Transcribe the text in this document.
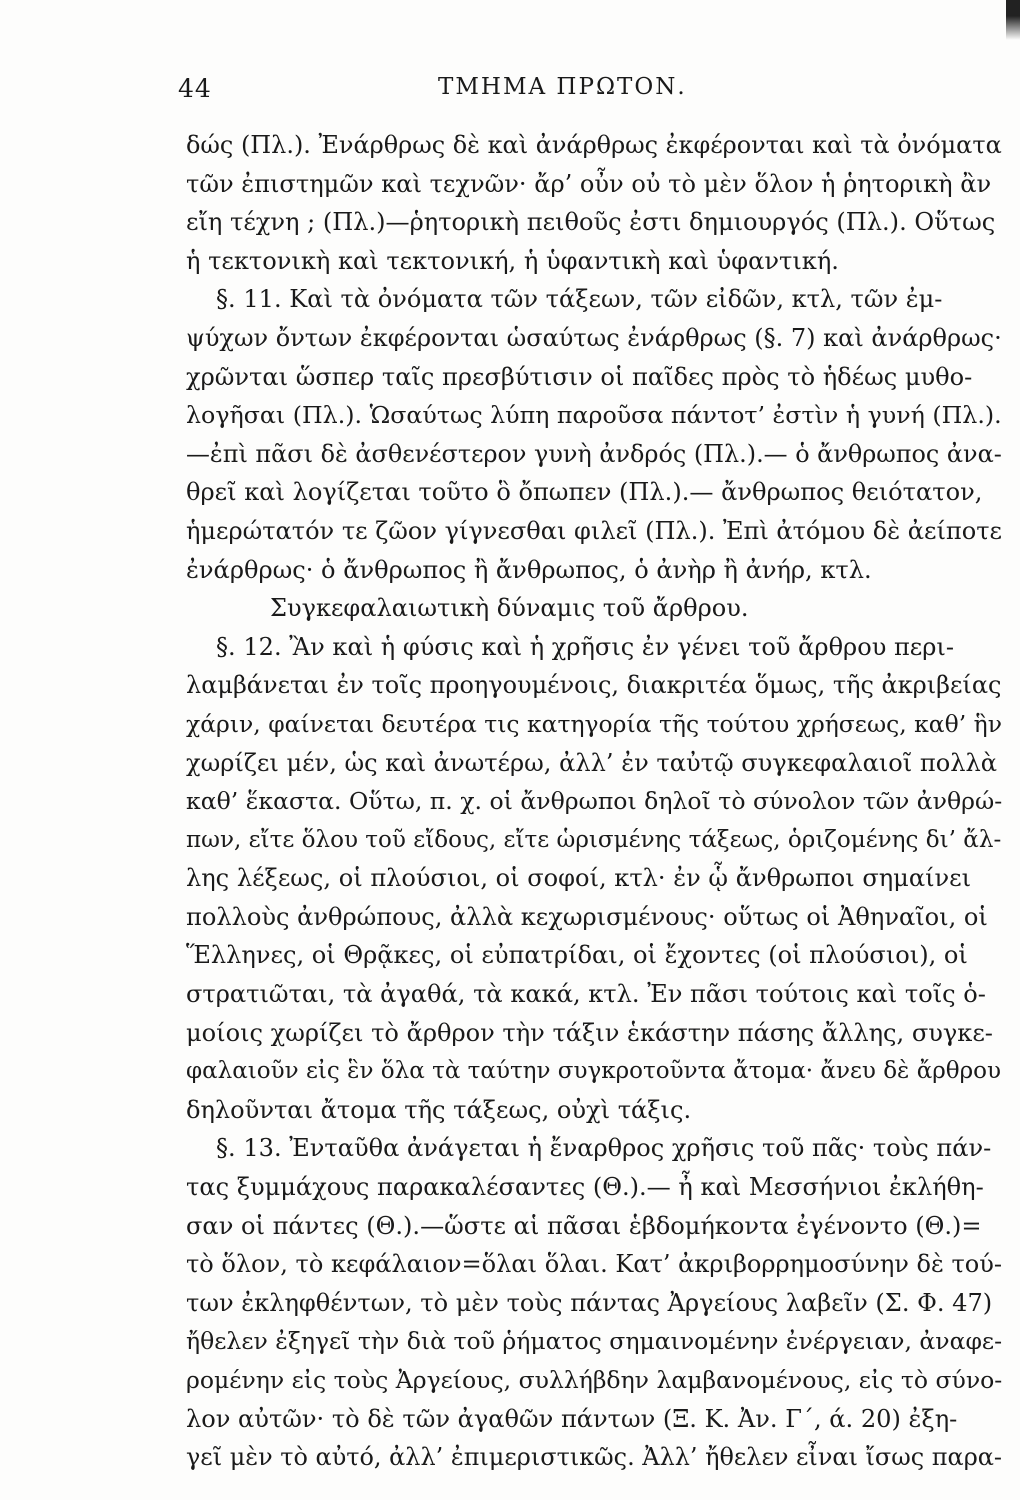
44	ΤΜΗΜΑ ΠΡΩΤΟΝ.
δώς (Πλ.). Ἐνάρθρως δὲ καὶ ἀνάρθρως ἐκφέρονται καὶ τὰ ὀνόματα
τῶν ἐπιστημῶν καὶ τεχνῶν· ἄρ’ οὖν οὐ τὸ μὲν ὅλον ἡ ῥητορικὴ ἂν
εἴη τέχνη ; (Πλ.)—ῥητορικὴ πειθοῦς ἐστι δημιουργός (Πλ.). Οὕτως
ἡ τεκτονικὴ καὶ τεκτονική, ἡ ὑφαντικὴ καὶ ὑφαντική.
§. 11. Καὶ τὰ ὀνόματα τῶν τάξεων, τῶν εἰδῶν, κτλ, τῶν ἐμ-
ψύχων ὄντων ἐκφέρονται ὡσαύτως ἐνάρθρως (§. 7) καὶ ἀνάρθρως·
χρῶνται ὥσπερ ταῖς πρεσβύτισιν οἱ παῖδες πρὸς τὸ ἡδέως μυθο-
λογῆσαι (Πλ.). Ὡσαύτως λύπη παροῦσα πάντοτ’ ἐστὶν ἡ γυνή (Πλ.).
—ἐπὶ πᾶσι δὲ ἀσθενέστερον γυνὴ ἀνδρός (Πλ.).— ὁ ἄνθρωπος ἀνα-
θρεῖ καὶ λογίζεται τοῦτο ὃ ὄπωπεν (Πλ.).— ἄνθρωπος θειότατον,
ἡμερώτατόν τε ζῶον γίγνεσθαι φιλεῖ (Πλ.). Ἐπὶ ἀτόμου δὲ ἀείποτε
ἐνάρθρως· ὁ ἄνθρωπος ἢ ἄνθρωπος, ὁ ἀνὴρ ἢ ἀνήρ, κτλ.
Συγκεφαλαιωτικὴ δύναμις τοῦ ἄρθρου.
§. 12. Ἂν καὶ ἡ φύσις καὶ ἡ χρῆσις ἐν γένει τοῦ ἄρθρου περι-
λαμβάνεται ἐν τοῖς προηγουμένοις, διακριτέα ὅμως, τῆς ἀκριβείας
χάριν, φαίνεται δευτέρα τις κατηγορία τῆς τούτου χρήσεως, καθ’ ἣν
χωρίζει μέν, ὡς καὶ ἀνωτέρω, ἀλλ’ ἐν ταὐτῷ συγκεφαλαιοῖ πολλὰ
καθ’ ἕκαστα. Οὕτω, π. χ. οἱ ἄνθρωποι δηλοῖ τὸ σύνολον τῶν ἀνθρώ-
πων, εἴτε ὅλου τοῦ εἴδους, εἴτε ὡρισμένης τάξεως, ὁριζομένης δι’ ἄλ-
λης λέξεως, οἱ πλούσιοι, οἱ σοφοί, κτλ· ἐν ᾧ ἄνθρωποι σημαίνει
πολλοὺς ἀνθρώπους, ἀλλὰ κεχωρισμένους· οὕτως οἱ Ἀθηναῖοι, οἱ
Ἕλληνες, οἱ Θρᾷκες, οἱ εὐπατρίδαι, οἱ ἔχοντες (οἱ πλούσιοι), οἱ
στρατιῶται, τὰ ἀγαθά, τὰ κακά, κτλ. Ἐν πᾶσι τούτοις καὶ τοῖς ὁ-
μοίοις χωρίζει τὸ ἄρθρον τὴν τάξιν ἑκάστην πάσης ἄλλης, συγκε-
φαλαιοῦν εἰς ἓν ὅλα τὰ ταύτην συγκροτοῦντα ἄτομα· ἄνευ δὲ ἄρθρου
δηλοῦνται ἄτομα τῆς τάξεως, οὐχὶ τάξις.
§. 13. Ἐνταῦθα ἀνάγεται ἡ ἔναρθρος χρῆσις τοῦ πᾶς· τοὺς πάν-
τας ξυμμάχους παρακαλέσαντες (Θ.).— ἦ καὶ Μεσσήνιοι ἐκλήθη-
σαν οἱ πάντες (Θ.).—ὥστε αἱ πᾶσαι ἑβδομήκοντα ἐγένοντο (Θ.)=
τὸ ὅλον, τὸ κεφάλαιον=ὅλαι ὅλαι. Κατ’ ἀκριβορρημοσύνην δὲ τού-
των ἐκληφθέντων, τὸ μὲν τοὺς πάντας Ἀργείους λαβεῖν (Σ. Φ. 47)
ἤθελεν ἐξηγεῖ τὴν διὰ τοῦ ῥήματος σημαινομένην ἐνέργειαν, ἀναφε-
ρομένην εἰς τοὺς Ἀργείους, συλλήβδην λαμβανομένους, εἰς τὸ σύνο-
λον αὐτῶν· τὸ δὲ τῶν ἀγαθῶν πάντων (Ξ. Κ. Ἀν. Γ΄, ά. 20) ἐξη-
γεῖ μὲν τὸ αὐτό, ἀλλ’ ἐπιμεριστικῶς. Ἀλλ’ ἤθελεν εἶναι ἴσως παρα-
